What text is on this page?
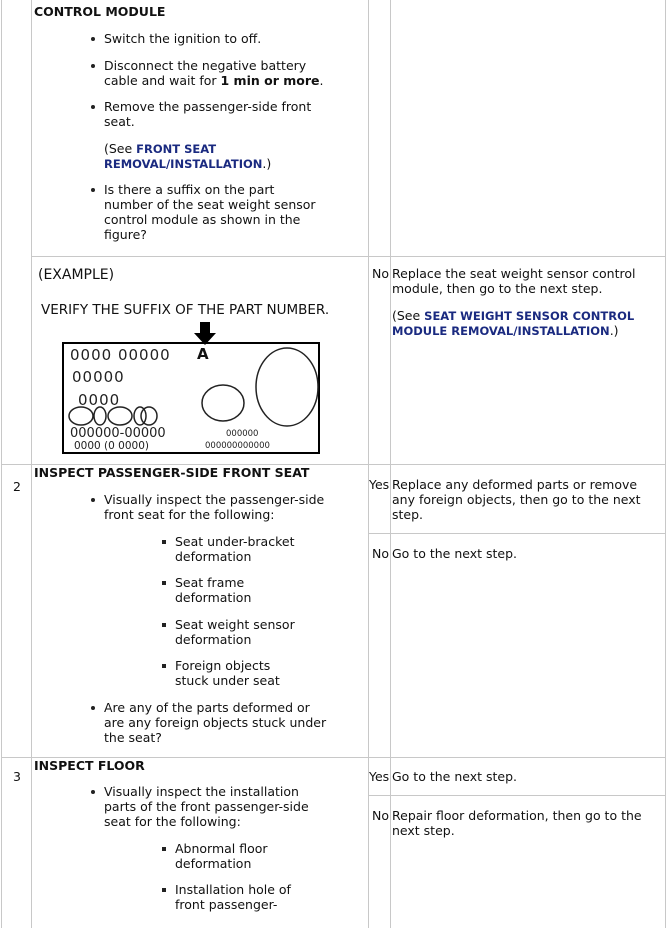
CONTROL MODULE
Switch the ignition to off.
Disconnect the negative battery
cable and wait for 1 min or more.
Remove the passenger-side front
seat.
(See FRONT SEAT
REMOVAL/INSTALLATION.)
Is there a suffix on the part
number of the seat weight sensor
control module as shown in the
figure?
(EXAMPLE)
VERIFY THE SUFFIX OF THE PART NUMBER.
0000 00000 A
00000
0000
000000-00000
0000 (0 0000)
000000
000000000000
No Replace the seat weight sensor control
module, then go to the next step.
(See SEAT WEIGHT SENSOR CONTROL
MODULE REMOVAL/INSTALLATION.)
2
INSPECT PASSENGER-SIDE FRONT SEAT
Visually inspect the passenger-side
front seat for the following:
Seat under-bracket
deformation
Seat frame
deformation
Seat weight sensor
deformation
Foreign objects
stuck under seat
Are any of the parts deformed or
are any foreign objects stuck under
the seat?
Yes Replace any deformed parts or remove
any foreign objects, then go to the next
step.
No Go to the next step.
3
INSPECT FLOOR
Visually inspect the installation
parts of the front passenger-side
seat for the following:
Abnormal floor
deformation
Installation hole of
front passenger-
Yes Go to the next step.
No Repair floor deformation, then go to the
next step.
